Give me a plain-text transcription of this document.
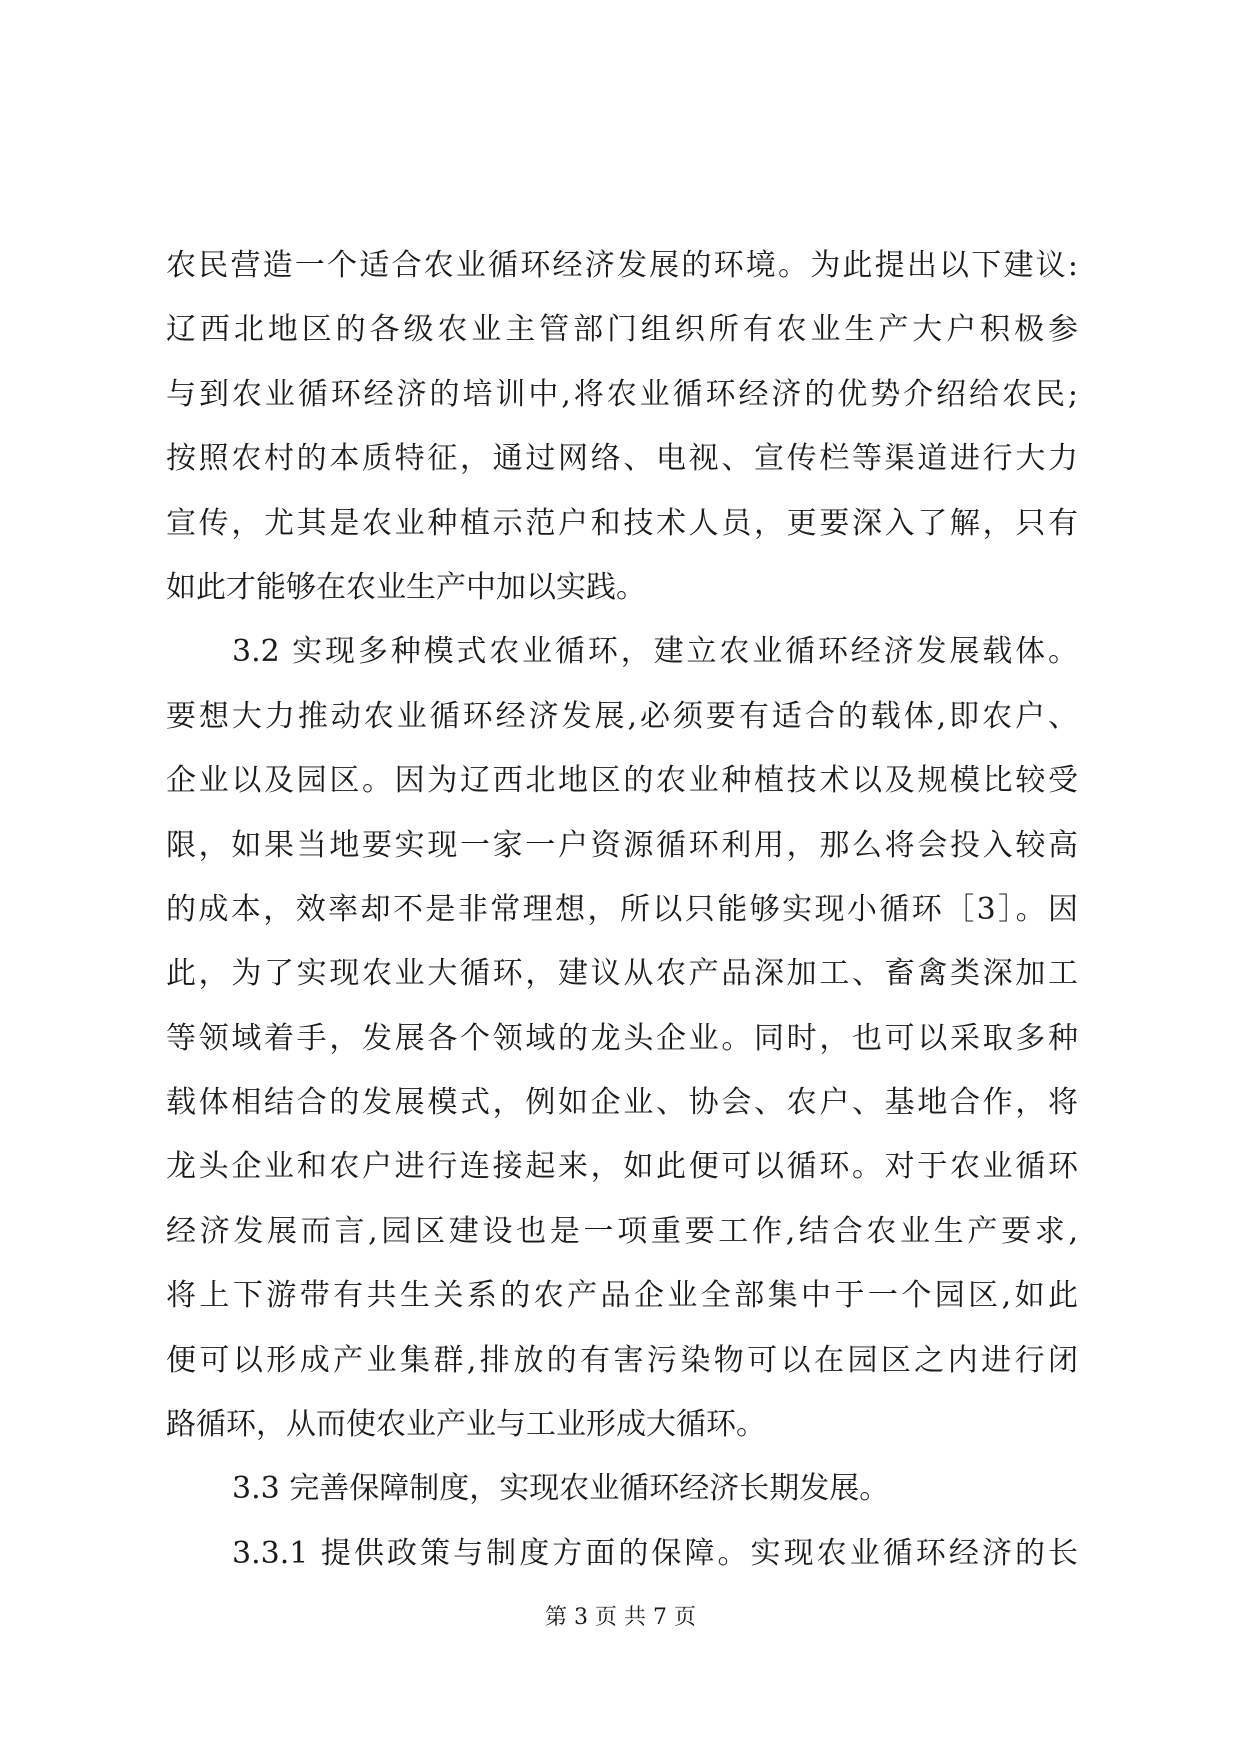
农民营造一个适合农业循环经济发展的环境。为此提出以下建议:
辽西北地区的各级农业主管部门组织所有农业生产大户积极参
与到农业循环经济的培训中,将农业循环经济的优势介绍给农民;
按照农村的本质特征，通过网络、电视、宣传栏等渠道进行大力
宣传，尤其是农业种植示范户和技术人员，更要深入了解，只有
如此才能够在农业生产中加以实践。
3.2 实现多种模式农业循环，建立农业循环经济发展载体。
要想大力推动农业循环经济发展,必须要有适合的载体,即农户、
企业以及园区。因为辽西北地区的农业种植技术以及规模比较受
限，如果当地要实现一家一户资源循环利用，那么将会投入较高
的成本，效率却不是非常理想，所以只能够实现小循环［3］。因
此，为了实现农业大循环，建议从农产品深加工、畜禽类深加工
等领域着手，发展各个领域的龙头企业。同时，也可以采取多种
载体相结合的发展模式，例如企业、协会、农户、基地合作，将
龙头企业和农户进行连接起来，如此便可以循环。对于农业循环
经济发展而言,园区建设也是一项重要工作,结合农业生产要求,
将上下游带有共生关系的农产品企业全部集中于一个园区,如此
便可以形成产业集群,排放的有害污染物可以在园区之内进行闭
路循环，从而使农业产业与工业形成大循环。
3.3 完善保障制度，实现农业循环经济长期发展。
3.3.1 提供政策与制度方面的保障。实现农业循环经济的长
第 3 页 共 7 页
